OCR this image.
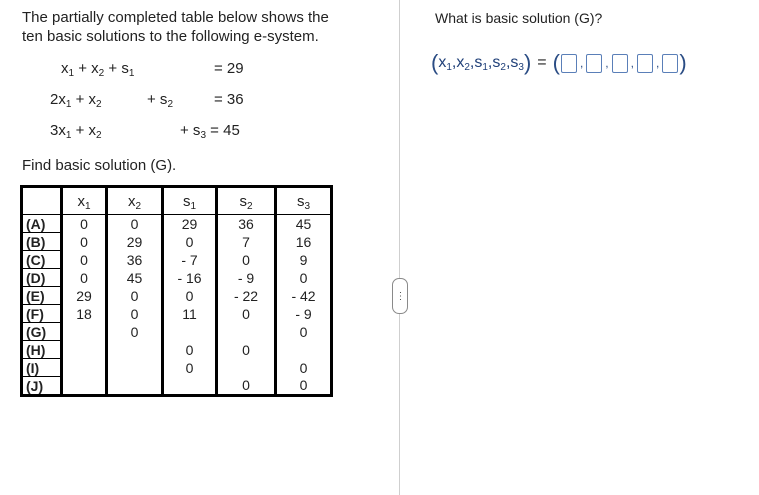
The partially completed table below shows the
ten basic solutions to the following e-system.
$x_1 + x_2 + s_1$	= 29
$2x_1 + x_2$	+ $s_2$	= 36
$3x_1 + x_2$	+ $s_3 = 45$
Find basic solution (G).
	$x_1$	$x_2$	$s_1$	$s_2$	$s_3$
(A)	0	0	29	36	45
(B)	0	29	0	7	16
(C)	0	36	- 7	0	9
(D)	0	45	- 16	- 9	0
(E)	29	0	0	- 22	- 42
(F)	18	0	11	0	- 9
(G)		0			0
(H)			0	0	
(I)			0		0
(J)				0	0
⋮
What is basic solution (G)?
( $x_1,x_2,s_1,s_2,s_3$ ) = ( , , , , )
